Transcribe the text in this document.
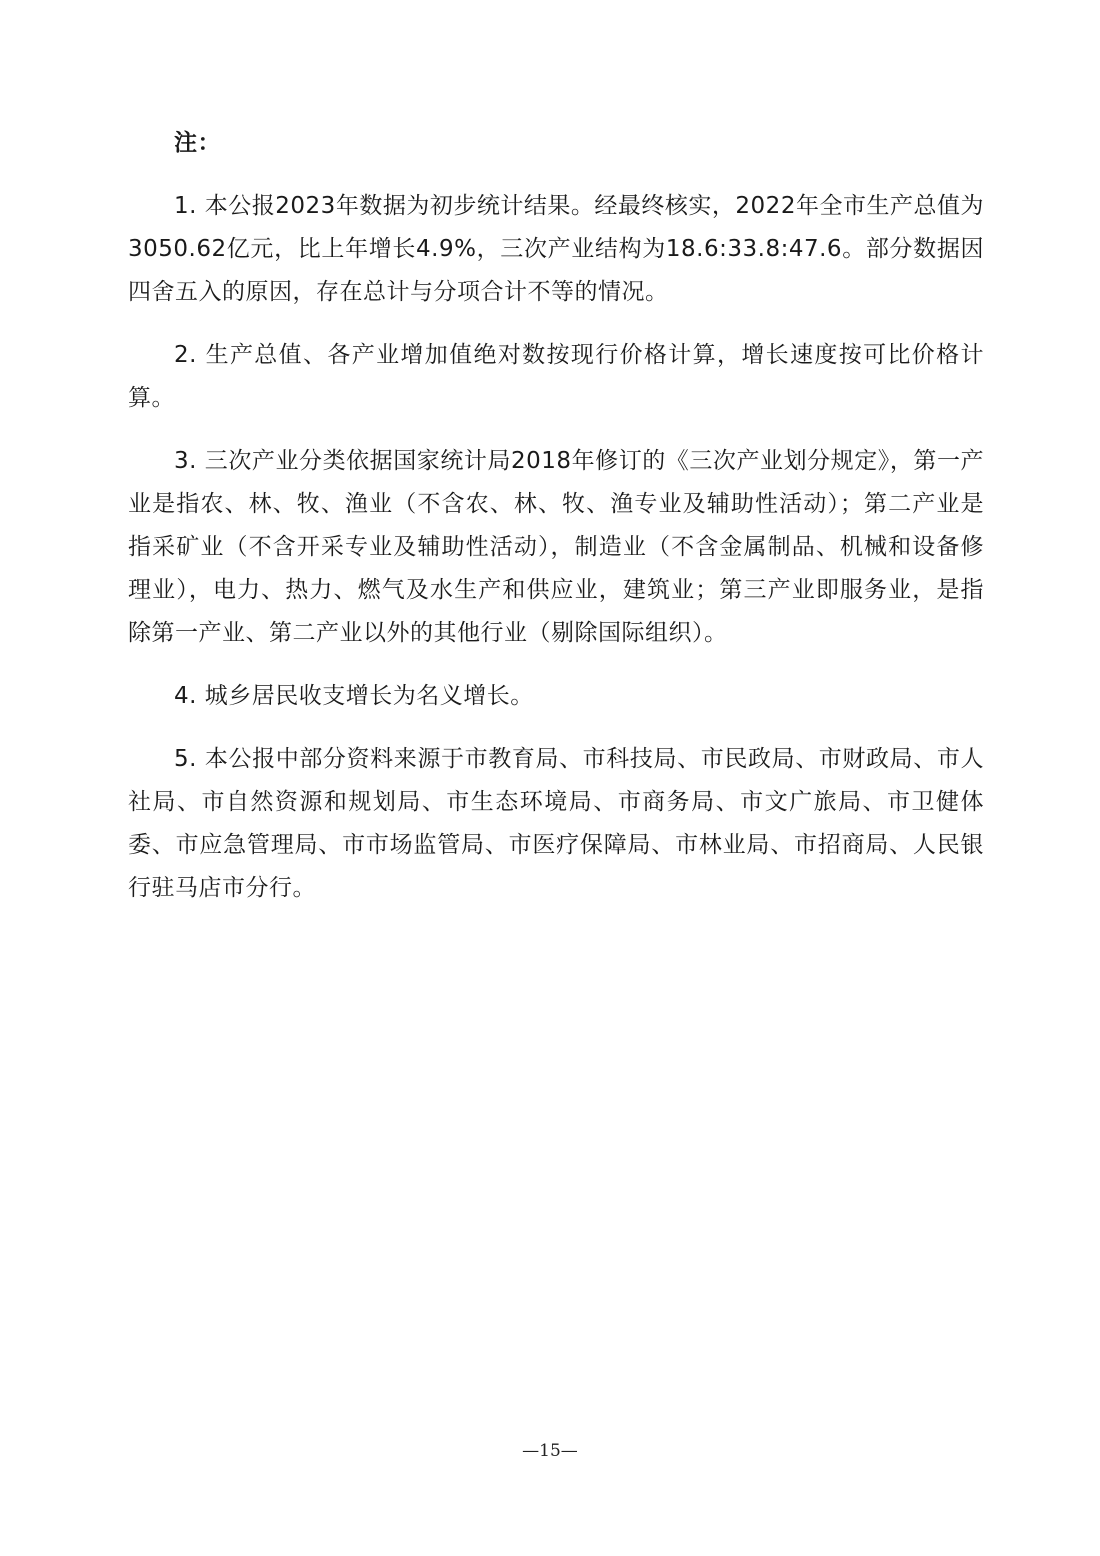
注：

1. 本公报2023年数据为初步统计结果。经最终核实，2022年全市生产总值为3050.62亿元，比上年增长4.9%，三次产业结构为18.6:33.8:47.6。部分数据因四舍五入的原因，存在总计与分项合计不等的情况。

2. 生产总值、各产业增加值绝对数按现行价格计算，增长速度按可比价格计算。

3. 三次产业分类依据国家统计局2018年修订的《三次产业划分规定》，第一产业是指农、林、牧、渔业（不含农、林、牧、渔专业及辅助性活动）；第二产业是指采矿业（不含开采专业及辅助性活动），制造业（不含金属制品、机械和设备修理业），电力、热力、燃气及水生产和供应业，建筑业；第三产业即服务业，是指除第一产业、第二产业以外的其他行业（剔除国际组织）。

4. 城乡居民收支增长为名义增长。

5. 本公报中部分资料来源于市教育局、市科技局、市民政局、市财政局、市人社局、市自然资源和规划局、市生态环境局、市商务局、市文广旅局、市卫健体委、市应急管理局、市市场监管局、市医疗保障局、市林业局、市招商局、人民银行驻马店市分行。

—15—
